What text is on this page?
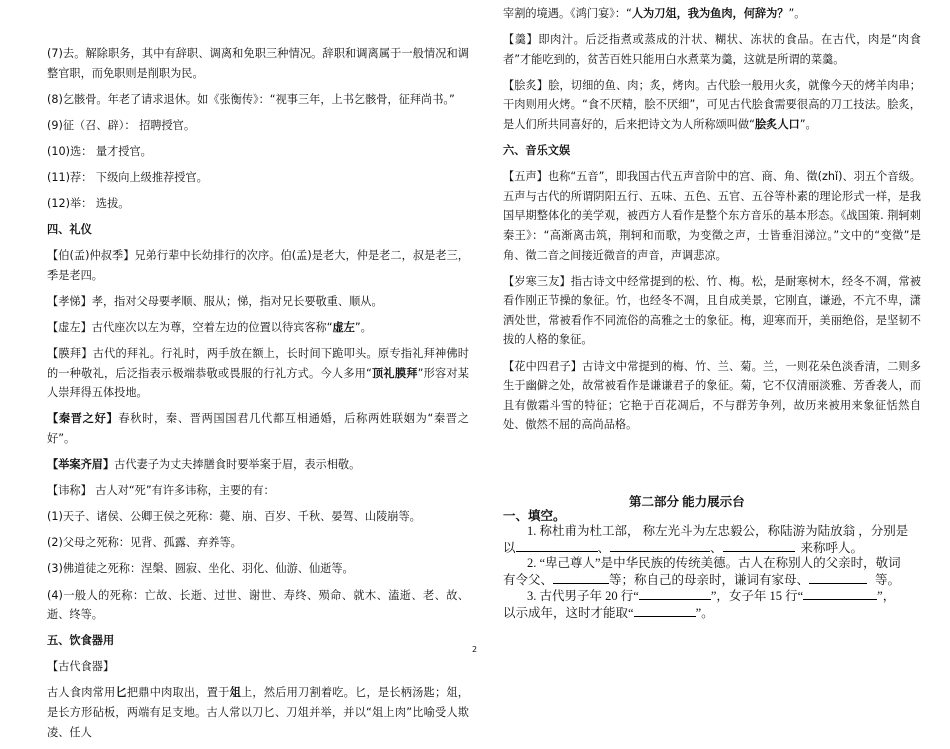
(7)去。解除职务，其中有辞职、调离和免职三种情况。辞职和调离属于一般情况和调整官职，而免职则是削职为民。

(8)乞骸骨。年老了请求退休。如《张衡传》：“视事三年，上书乞骸骨，征拜尚书。”

(9)征（召、辟）： 招聘授官。

(10)选： 量才授官。

(11)荐： 下级向上级推荐授官。

(12)举： 选拔。

四、礼仪

【伯(孟)仲叔季】兄弟行辈中长幼排行的次序。伯(孟)是老大，仲是老二，叔是老三，季是老四。

【孝悌】孝，指对父母要孝顺、服从；悌，指对兄长要敬重、顺从。

【虚左】古代座次以左为尊，空着左边的位置以待宾客称“虚左”。

【膜拜】古代的拜礼。行礼时，两手放在额上，长时间下跪叩头。原专指礼拜神佛时的一种敬礼，后泛指表示极端恭敬或畏服的行礼方式。今人多用“顶礼膜拜”形容对某人崇拜得五体投地。

【秦晋之好】春秋时，秦、晋两国国君几代都互相通婚，后称两姓联姻为“秦晋之好”。

【举案齐眉】古代妻子为丈夫捧膳食时要举案于眉，表示相敬。

【讳称】 古人对“死”有许多讳称，主要的有：

(1)天子、诸侯、公卿王侯之死称：薨、崩、百岁、千秋、晏驾、山陵崩等。

(2)父母之死称：见背、孤露、弃养等。

(3)佛道徒之死称：涅槃、圆寂、坐化、羽化、仙游、仙逝等。

(4)一般人的死称：亡故、长逝、过世、谢世、寿终、殒命、就木、溘逝、老、故、逝、终等。

五、饮食器用

【古代食器】

古人食肉常用匕把鼎中肉取出，置于俎上，然后用刀割着吃。匕，是长柄汤匙；俎，是长方形砧板，两端有足支地。古人常以刀匕、刀俎并举，并以“俎上肉”比喻受人欺凌、任人

宰割的境遇。《鸿门宴》：“人为刀俎，我为鱼肉，何辞为？”。

【羹】即肉汁。后泛指煮或蒸成的汁状、糊状、冻状的食品。在古代，肉是“肉食者”才能吃到的，贫苦百姓只能用白水煮菜为羹，这就是所谓的菜羹。

【脍炙】脍，切细的鱼、肉；炙，烤肉。古代脍一般用火炙，就像今天的烤羊肉串；干肉则用火烤。“食不厌精，脍不厌细”，可见古代脍食需要很高的刀工技法。脍炙，是人们所共同喜好的，后来把诗文为人所称颂叫做“脍炙人口”。

六、音乐文娱

【五声】也称“五音”，即我国古代五声音阶中的宫、商、角、徵(zhǐ)、羽五个音级。五声与古代的所谓阴阳五行、五味、五色、五官、五谷等朴素的理论形式一样，是我国早期整体化的美学观，被西方人看作是整个东方音乐的基本形态。《战国策. 荆轲刺秦王》：“高渐离击筑，荆轲和而歌，为变徵之声，士皆垂泪涕泣。”文中的“变徵”是角、徵二音之间接近微音的声音，声调悲凉。

【岁寒三友】指古诗文中经常提到的松、竹、梅。松，是耐寒树木，经冬不凋，常被看作刚正节操的象征。竹，也经冬不凋，且自成美景，它刚直，谦逊，不亢不卑，潇洒处世，常被看作不同流俗的高雅之士的象征。梅，迎寒而开，美丽绝俗，是坚韧不拔的人格的象征。

【花中四君子】古诗文中常提到的梅、竹、兰、菊。兰，一则花朵色淡香清，二则多生于幽僻之处，故常被看作是谦谦君子的象征。菊，它不仅清丽淡雅、芳香袭人，而且有傲霜斗雪的特征；它艳于百花凋后，不与群芳争列，故历来被用来象征恬然自处、傲然不屈的高尚品格。

第二部分 能力展示台
一、填空。
1. 称杜甫为杜工部， 称左光斗为左忠毅公，称陆游为陆放翁 ，分别是
以	、	、	来称呼人。
2. “卑己尊人”是中华民族的传统美德。古人在称别人的父亲时，敬词
有令父、	等；称自己的母亲时，谦词有家母、	等。
3. 古代男子年 20 行“	”，女子年 15 行“	”，
以示成年，这时才能取“	”。
2
